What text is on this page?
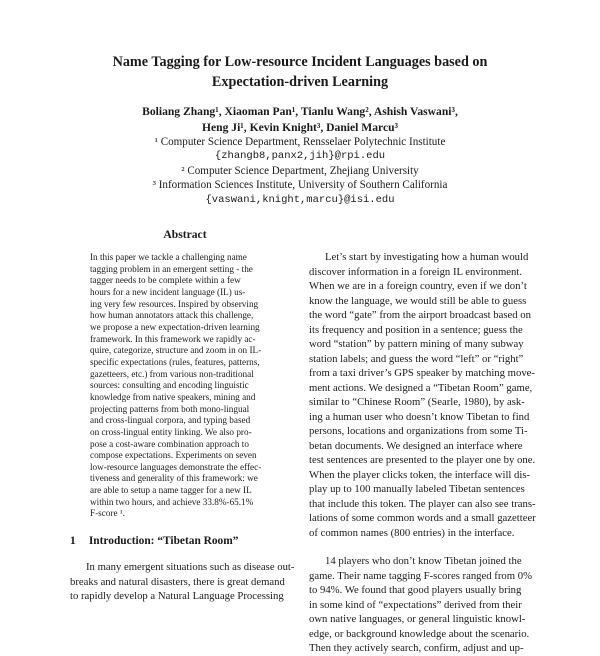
Name Tagging for Low-resource Incident Languages based on
Expectation-driven Learning
Boliang Zhang¹, Xiaoman Pan¹, Tianlu Wang², Ashish Vaswani³,
Heng Ji¹, Kevin Knight³, Daniel Marcu³
¹ Computer Science Department, Rensselaer Polytechnic Institute
{zhangb8,panx2,jih}@rpi.edu
² Computer Science Department, Zhejiang University
³ Information Sciences Institute, University of Southern California
{vaswani,knight,marcu}@isi.edu
Abstract
In this paper we tackle a challenging name
tagging problem in an emergent setting - the
tagger needs to be complete within a few
hours for a new incident language (IL) us-
ing very few resources. Inspired by observing
how human annotators attack this challenge,
we propose a new expectation-driven learning
framework. In this framework we rapidly ac-
quire, categorize, structure and zoom in on IL-
specific expectations (rules, features, patterns,
gazetteers, etc.) from various non-traditional
sources: consulting and encoding linguistic
knowledge from native speakers, mining and
projecting patterns from both mono-lingual
and cross-lingual corpora, and typing based
on cross-lingual entity linking. We also pro-
pose a cost-aware combination approach to
compose expectations. Experiments on seven
low-resource languages demonstrate the effec-
tiveness and generality of this framework: we
are able to setup a name tagger for a new IL
within two hours, and achieve 33.8%-65.1%
F-score ¹.
1 Introduction: “Tibetan Room”
In many emergent situations such as disease out-
breaks and natural disasters, there is great demand
to rapidly develop a Natural Language Processing
Let’s start by investigating how a human would
discover information in a foreign IL environment.
When we are in a foreign country, even if we don’t
know the language, we would still be able to guess
the word “gate” from the airport broadcast based on
its frequency and position in a sentence; guess the
word “station” by pattern mining of many subway
station labels; and guess the word “left” or “right”
from a taxi driver’s GPS speaker by matching move-
ment actions. We designed a “Tibetan Room” game,
similar to “Chinese Room” (Searle, 1980), by ask-
ing a human user who doesn’t know Tibetan to find
persons, locations and organizations from some Ti-
betan documents. We designed an interface where
test sentences are presented to the player one by one.
When the player clicks token, the interface will dis-
play up to 100 manually labeled Tibetan sentences
that include this token. The player can also see trans-
lations of some common words and a small gazetteer
of common names (800 entries) in the interface.
14 players who don’t know Tibetan joined the
game. Their name tagging F-scores ranged from 0%
to 94%. We found that good players usually bring
in some kind of “expectations” derived from their
own native languages, or general linguistic knowl-
edge, or background knowledge about the scenario.
Then they actively search, confirm, adjust and up-
